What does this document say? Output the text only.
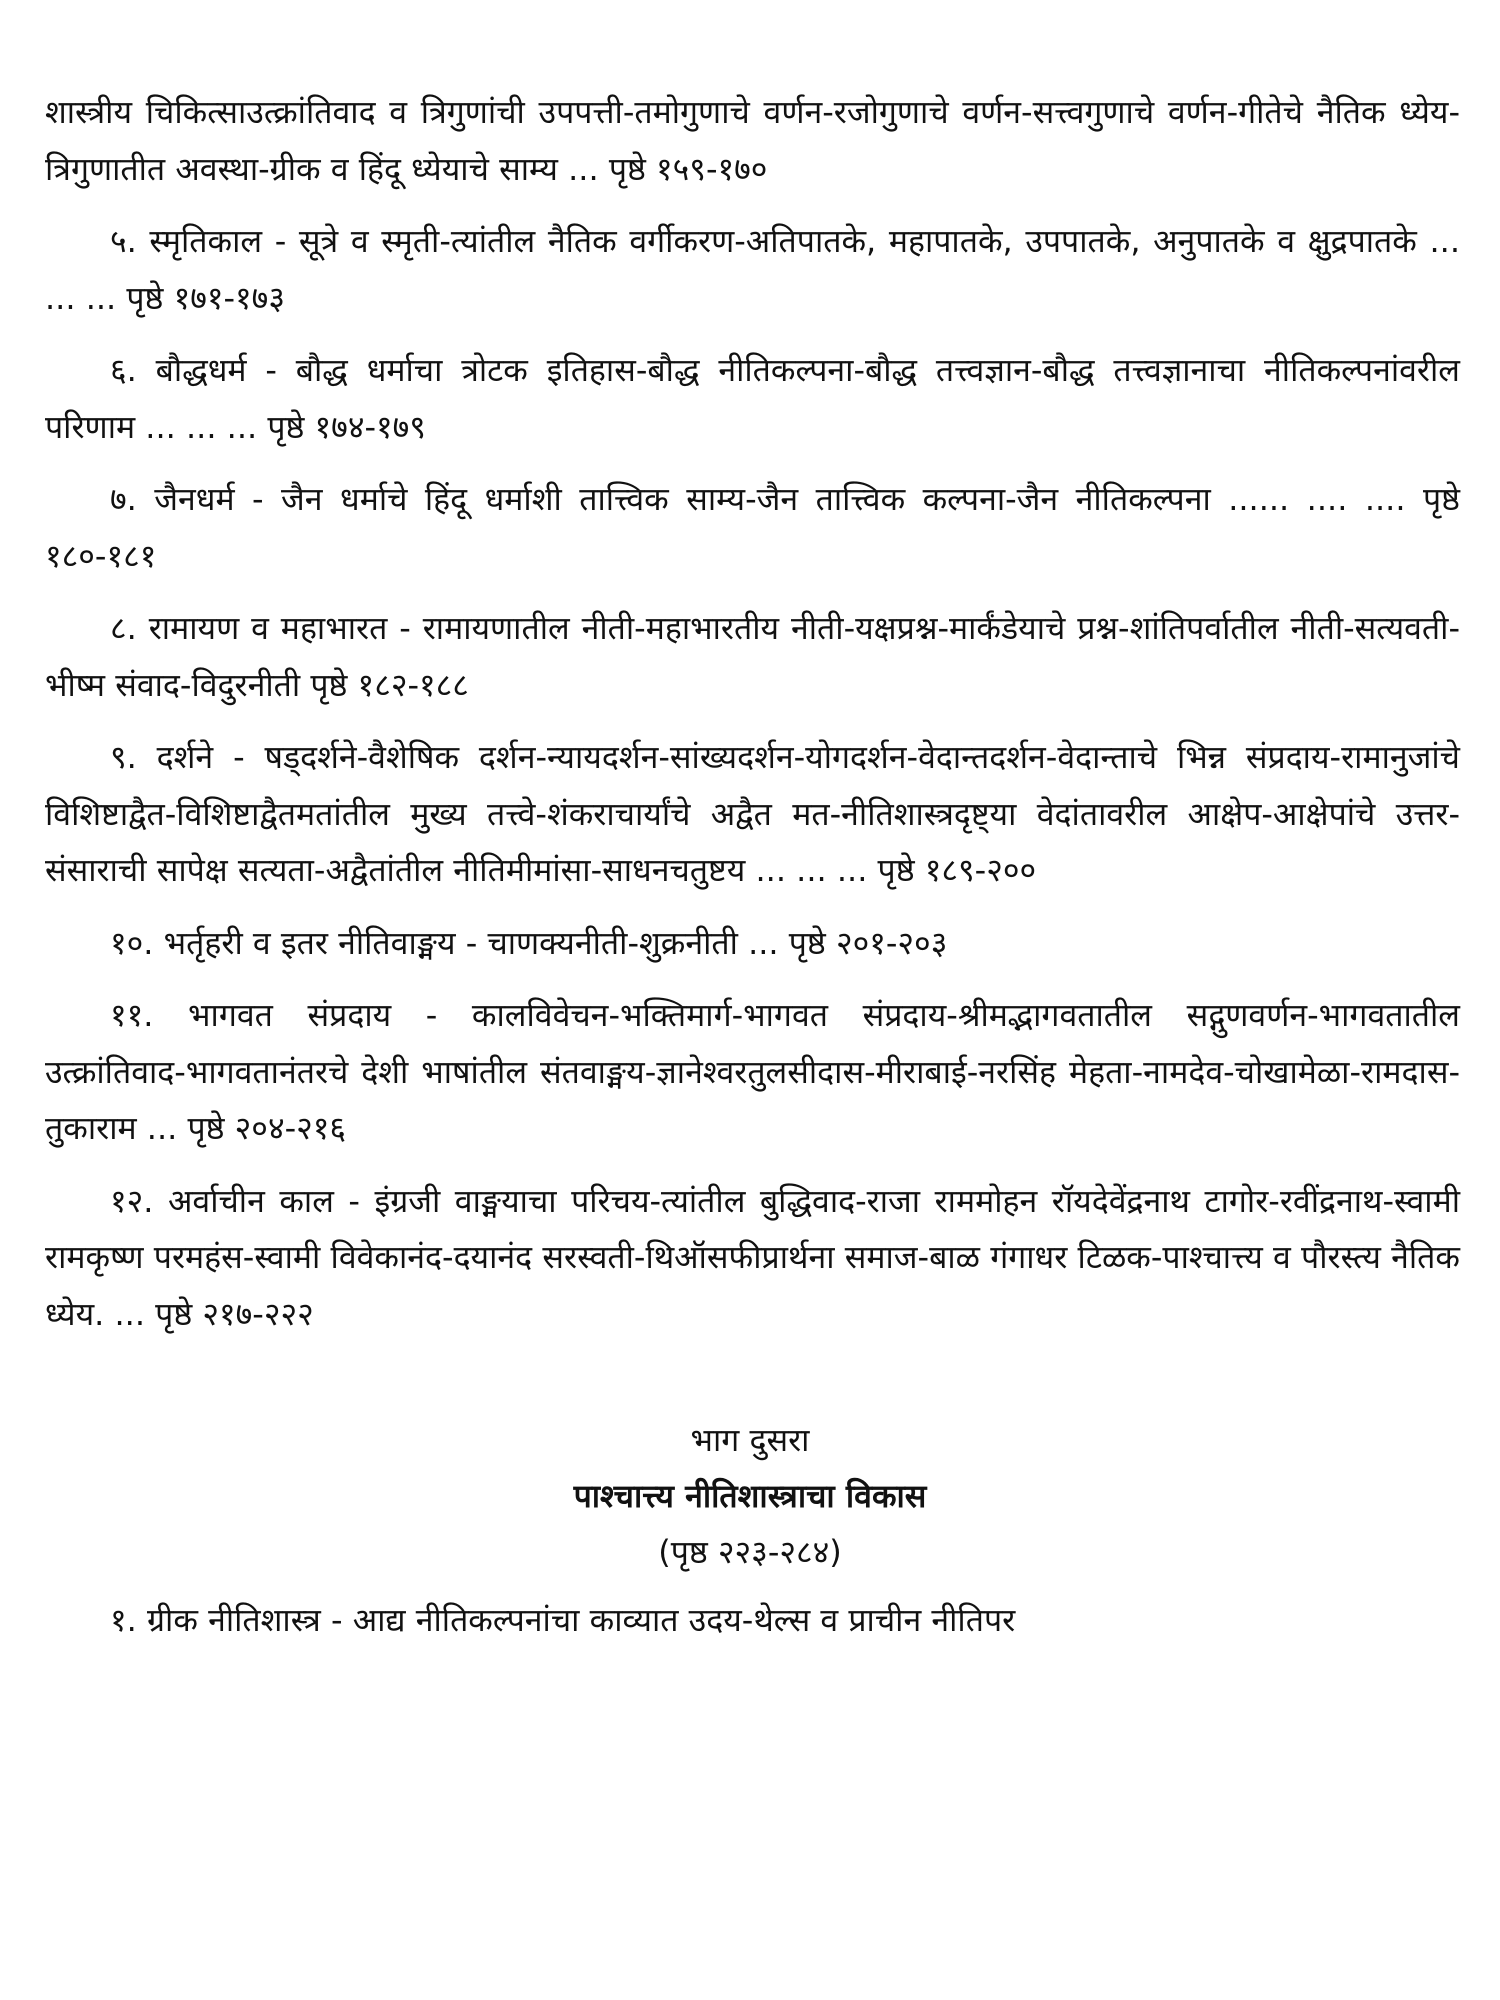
शास्त्रीय चिकित्साउत्क्रांतिवाद व त्रिगुणांची उपपत्ती-तमोगुणाचे वर्णन-रजोगुणाचे वर्णन-सत्त्वगुणाचे वर्णन-गीतेचे नैतिक ध्येय-त्रिगुणातीत अवस्था-ग्रीक व हिंदू ध्येयाचे साम्य ... पृष्ठे १५९-१७०

५. स्मृतिकाल - सूत्रे व स्मृती-त्यांतील नैतिक वर्गीकरण-अतिपातके, महापातके, उपपातके, अनुपातके व क्षुद्रपातके ... ... ... पृष्ठे १७१-१७३

६. बौद्धधर्म - बौद्ध धर्माचा त्रोटक इतिहास-बौद्ध नीतिकल्पना-बौद्ध तत्त्वज्ञान-बौद्ध तत्त्वज्ञानाचा नीतिकल्पनांवरील परिणाम ... ... ... पृष्ठे १७४-१७९

७. जैनधर्म - जैन धर्माचे हिंदू धर्माशी तात्त्विक साम्य-जैन तात्त्विक कल्पना-जैन नीतिकल्पना ...... .... .... पृष्ठे १८०-१८१

८. रामायण व महाभारत - रामायणातील नीती-महाभारतीय नीती-यक्षप्रश्न-मार्कंडेयाचे प्रश्न-शांतिपर्वातील नीती-सत्यवती-भीष्म संवाद-विदुरनीती पृष्ठे १८२-१८८

९. दर्शने - षड्दर्शने-वैशेषिक दर्शन-न्यायदर्शन-सांख्यदर्शन-योगदर्शन-वेदान्तदर्शन-वेदान्ताचे भिन्न संप्रदाय-रामानुजांचे विशिष्टाद्वैत-विशिष्टाद्वैतमतांतील मुख्य तत्त्वे-शंकराचार्यांचे अद्वैत मत-नीतिशास्त्रदृष्ट्या वेदांतावरील आक्षेप-आक्षेपांचे उत्तर-संसाराची सापेक्ष सत्यता-अद्वैतांतील नीतिमीमांसा-साधनचतुष्टय ... ... ... पृष्ठे १८९-२००

१०. भर्तृहरी व इतर नीतिवाङ्मय - चाणक्यनीती-शुक्रनीती ... पृष्ठे २०१-२०३

११. भागवत संप्रदाय - कालविवेचन-भक्तिमार्ग-भागवत संप्रदाय-श्रीमद्भागवतातील सद्गुणवर्णन-भागवतातील उत्क्रांतिवाद-भागवतानंतरचे देशी भाषांतील संतवाङ्मय-ज्ञानेश्वरतुलसीदास-मीराबाई-नरसिंह मेहता-नामदेव-चोखामेळा-रामदास-तुकाराम ... पृष्ठे २०४-२१६

१२. अर्वाचीन काल - इंग्रजी वाङ्मयाचा परिचय-त्यांतील बुद्धिवाद-राजा राममोहन रॉयदेवेंद्रनाथ टागोर-रवींद्रनाथ-स्वामी रामकृष्ण परमहंस-स्वामी विवेकानंद-दयानंद सरस्वती-थिऑसफीप्रार्थना समाज-बाळ गंगाधर टिळक-पाश्चात्त्य व पौरस्त्य नैतिक ध्येय. ... पृष्ठे २१७-२२२

भाग दुसरा

पाश्चात्त्य नीतिशास्त्राचा विकास

(पृष्ठ २२३-२८४)

१. ग्रीक नीतिशास्त्र - आद्य नीतिकल्पनांचा काव्यात उदय-थेल्स व प्राचीन नीतिपर
